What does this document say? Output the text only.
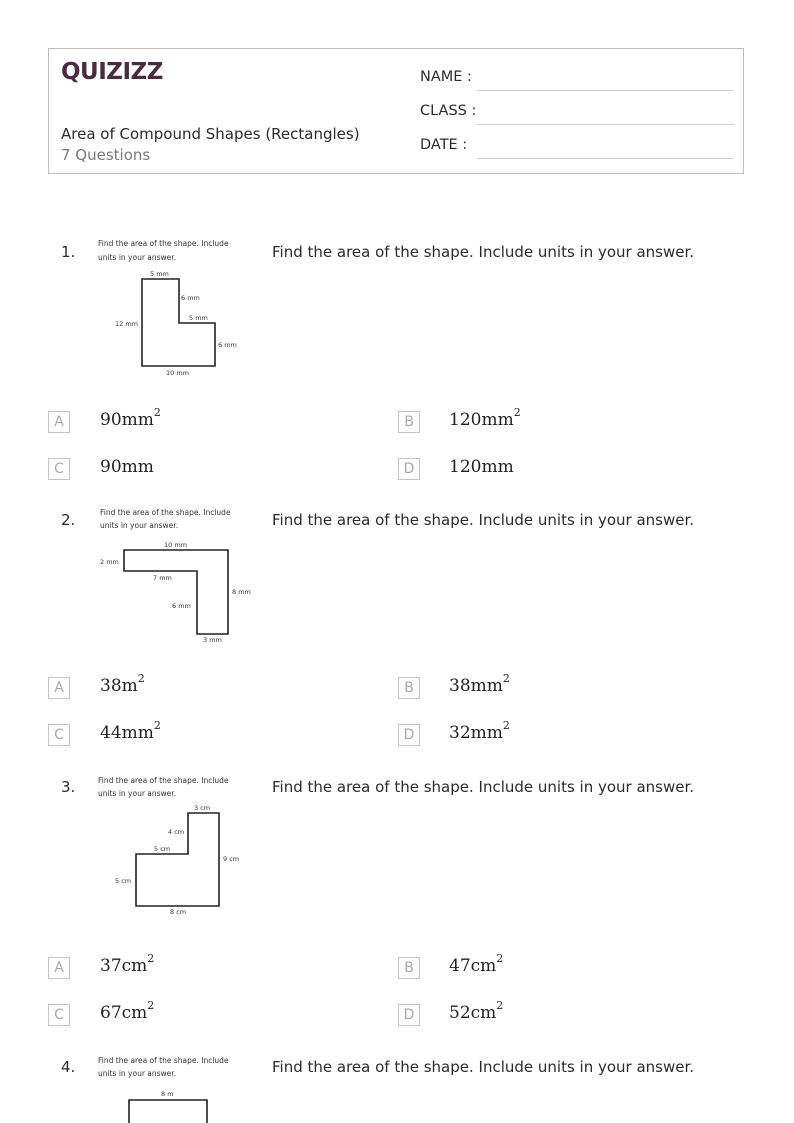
QUIZIZZ
Area of Compound Shapes (Rectangles)
7 Questions
NAME :
CLASS :
DATE :
1.	Find the area of the shape. Include
units in your answer.
5 mm
6 mm
5 mm
12 mm
6 mm
10 mm
Find the area of the shape. Include units in your answer.
A	$90mm^2$
B	$120mm^2$
C	90mm	D	120mm
2.	Find the area of the shape. Include
units in your answer.
10 mm
2 mm
7 mm
8 mm
6 mm
3 mm
Find the area of the shape. Include units in your answer.
A	$38m^2$
B	$38mm^2$
C	$44mm^2$
D	$32mm^2$
3.	Find the area of the shape. Include
units in your answer.
3 cm
4 cm
5 cm
9 cm
5 cm
8 cm
Find the area of the shape. Include units in your answer.
A	$37cm^2$
B	$47cm^2$
C	$67cm^2$
D	$52cm^2$
4.	Find the area of the shape. Include
units in your answer.
8 m
Find the area of the shape. Include units in your answer.
